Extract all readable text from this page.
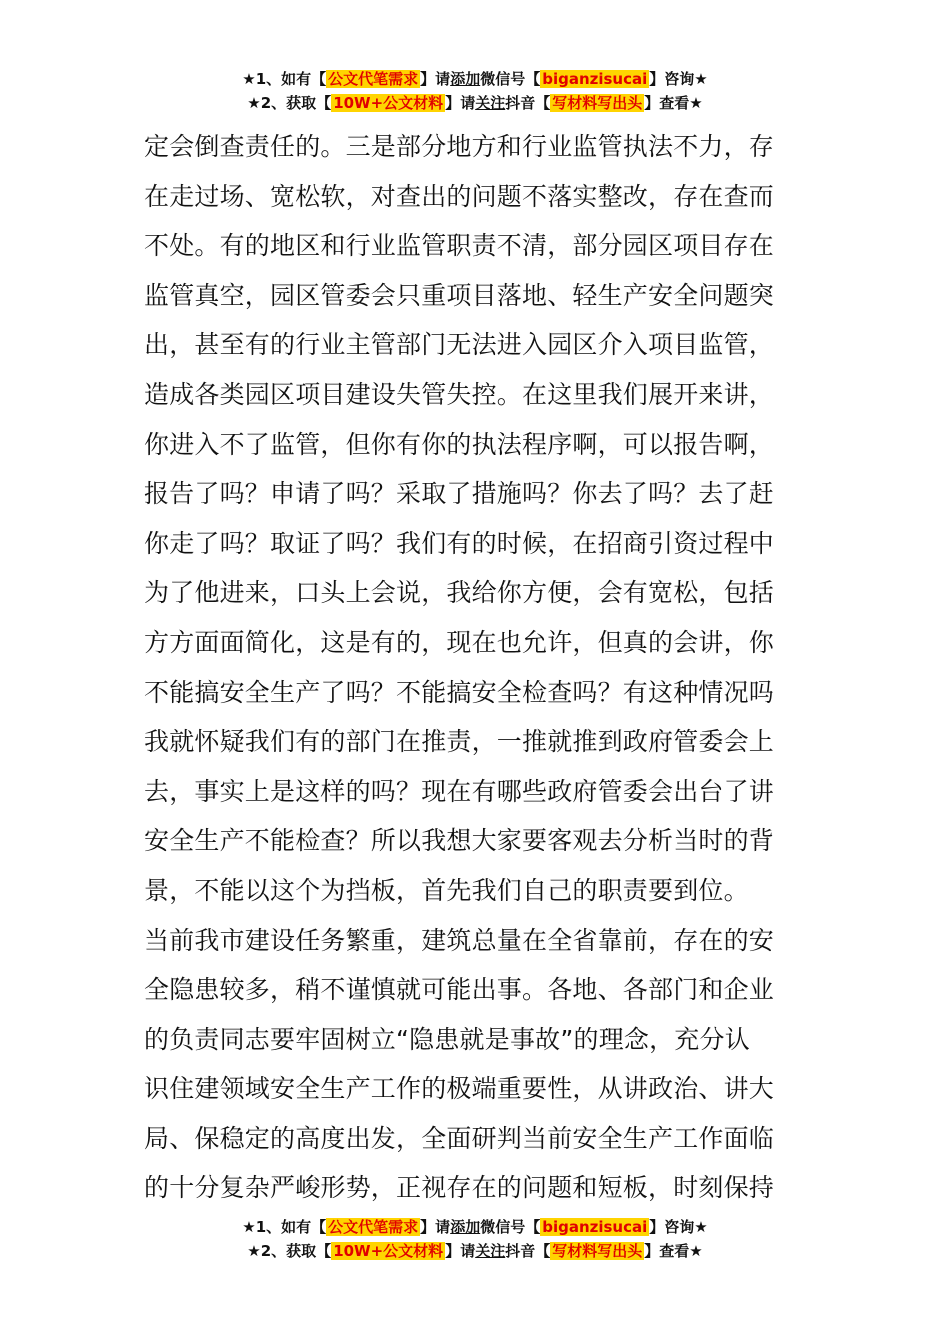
★1、如有【 公文代笔需求 】请添加微信号【 biganzisucai 】咨询★
★2、获取【 10W+公文材料 】请关注抖音【 写材料写出头 】查看★
定会倒查责任的。三是部分地方和行业监管执法不力，存
在走过场、宽松软，对查出的问题不落实整改，存在查而
不处。有的地区和行业监管职责不清，部分园区项目存在
监管真空，园区管委会只重项目落地、轻生产安全问题突
出，甚至有的行业主管部门无法进入园区介入项目监管，
造成各类园区项目建设失管失控。在这里我们展开来讲，
你进入不了监管，但你有你的执法程序啊，可以报告啊，
报告了吗？申请了吗？采取了措施吗？你去了吗？去了赶
你走了吗？取证了吗？我们有的时候，在招商引资过程中
为了他进来，口头上会说，我给你方便，会有宽松，包括
方方面面简化，这是有的，现在也允许，但真的会讲，你
不能搞安全生产了吗？不能搞安全检查吗？有这种情况吗
我就怀疑我们有的部门在推责，一推就推到政府管委会上
去，事实上是这样的吗？现在有哪些政府管委会出台了讲
安全生产不能检查？所以我想大家要客观去分析当时的背
景，不能以这个为挡板，首先我们自己的职责要到位。
当前我市建设任务繁重，建筑总量在全省靠前，存在的安
全隐患较多，稍不谨慎就可能出事。各地、各部门和企业
的负责同志要牢固树立“隐患就是事故”的理念，充分认
识住建领域安全生产工作的极端重要性，从讲政治、讲大
局、保稳定的高度出发，全面研判当前安全生产工作面临
的十分复杂严峻形势，正视存在的问题和短板，时刻保持
★1、如有【 公文代笔需求 】请添加微信号【 biganzisucai 】咨询★
★2、获取【 10W+公文材料 】请关注抖音【 写材料写出头 】查看★
